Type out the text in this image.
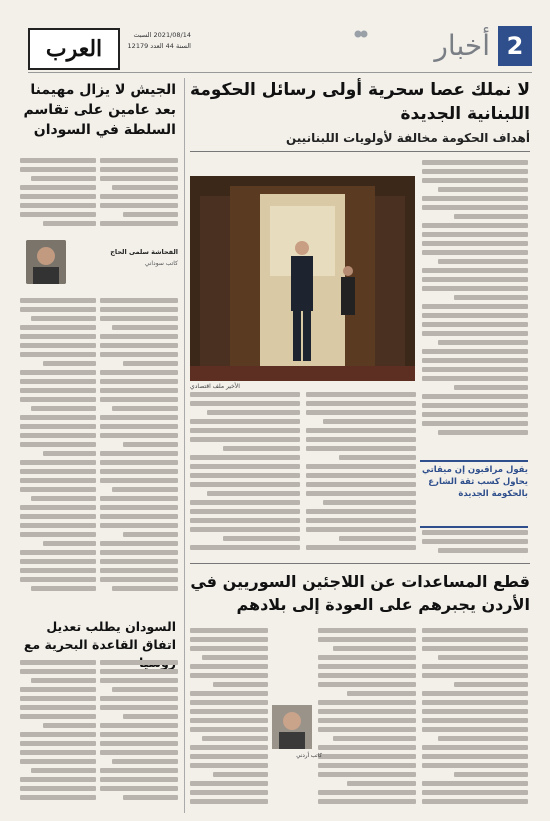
العرب
2021/08/14 السبت
السنة 44 العدد 12179	أخبار 2
لا نملك عصا سحرية أولى رسائل الحكومة اللبنانية الجديدة
أهداف الحكومة مخالفة لأولويات اللبنانيين
الأخير ملف اقتصادي
يقول مراقبون إن ميقاتي يحاول كسب ثقة الشارع بالحكومة الجديدة
الجيش لا يزال مهيمنا بعد عامين على تقاسم السلطة في السودان
الفحاشة سلمى الحاج
كاتب سوداني
السودان يطلب تعديل اتفاق القاعدة البحرية مع
قطع المساعدات عن اللاجئين السوريين في الأردن يجبرهم على العودة إلى بلادهم
كاتب أردني
